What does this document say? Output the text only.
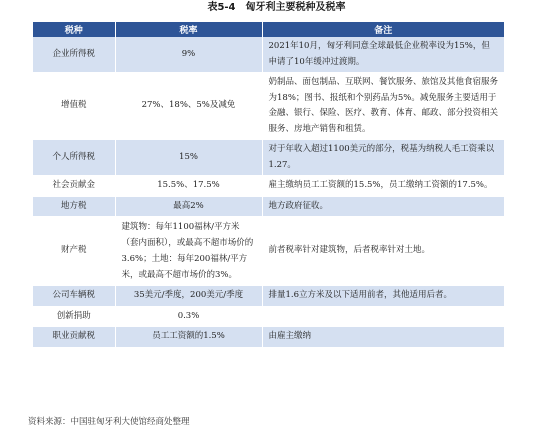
表5-4　匈牙利主要税种及税率
税种	税率	备注
企业所得税	9%	2021年10月，匈牙利同意全球最低企业税率设为15%，但申请了10年缓冲过渡期。
增值税	27%、18%、5%及减免	奶制品、面包制品、互联网、餐饮服务、旅馆及其他食宿服务为18%；图书、报纸和个别药品为5%。减免服务主要适用于金融、银行、保险、医疗、教育、体育、邮政、部分投资相关服务、房地产销售和租赁。
个人所得税	15%	对于年收入超过1100美元的部分，税基为纳税人毛工资乘以1.27。
社会贡献金	15.5%、17.5%	雇主缴纳员工工资额的15.5%，员工缴纳工资额的17.5%。
地方税	最高2%	地方政府征收。
财产税	建筑物：每年1100福林/平方米（套内面积），或最高不超市场价的3.6%；土地：每年200福林/平方米，或最高不超市场价的3%。	前者税率针对建筑物，后者税率针对土地。
公司车辆税	35美元/季度，200美元/季度	排量1.6立方米及以下适用前者，其他适用后者。
创新捐助	0.3%	
职业贡献税	员工工资额的1.5%	由雇主缴纳
资料来源：中国驻匈牙利大使馆经商处整理
